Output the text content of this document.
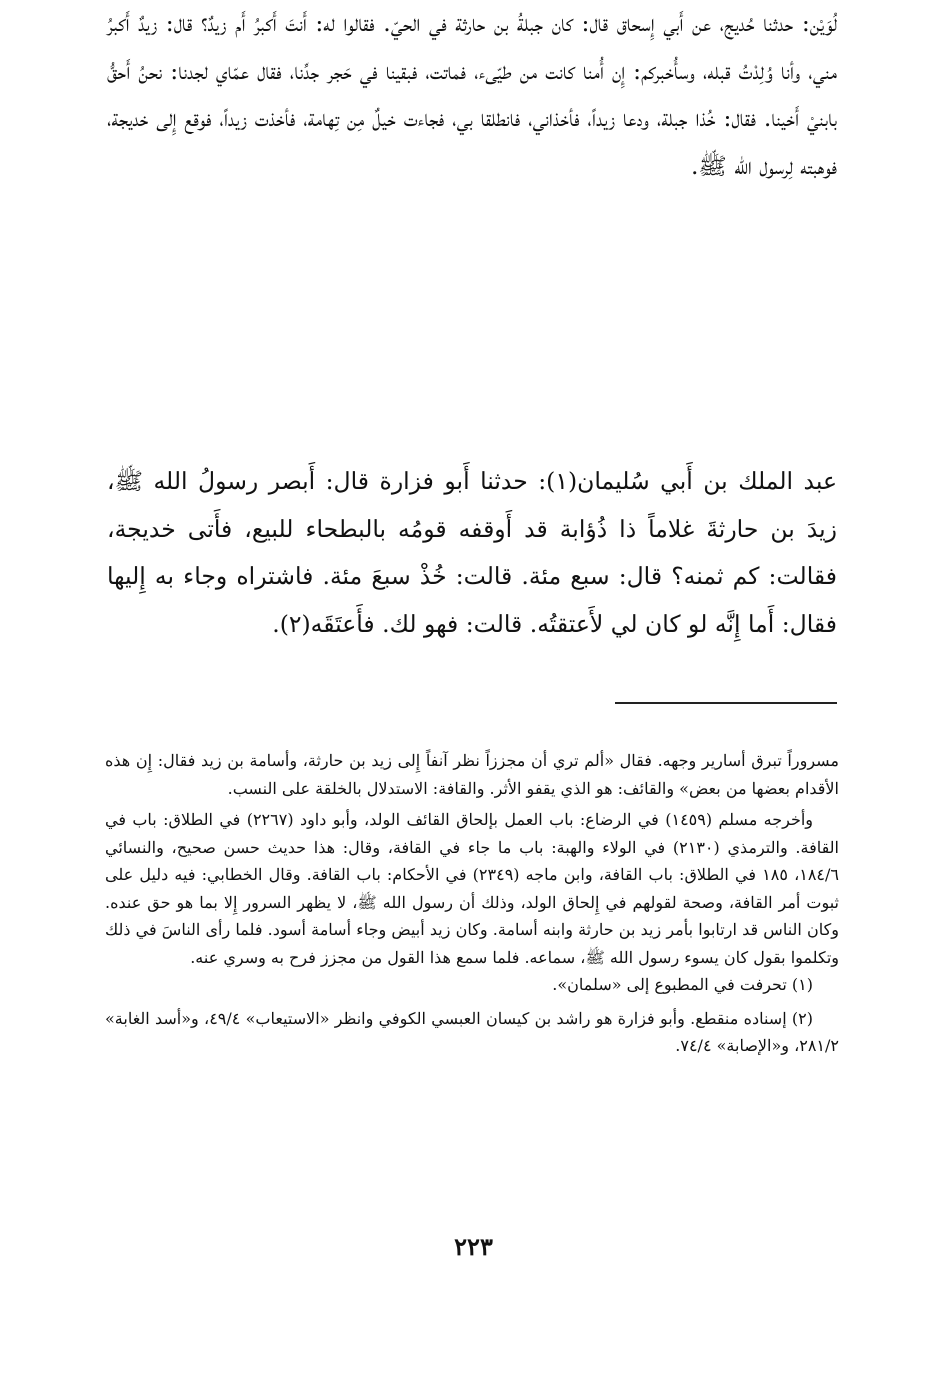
لُوَيْن: حدثنا حُديج، عن أَبي إِسحاق قال: كان جبلةُ بن حارثة في الحيّ. فقالوا له: أَنتَ أَكبرُ أَم زيدٌ؟ قال: زيدٌ أَكبرُ مني، وأنا وُلِدْتُ قبله، وسأُخبركم: إِن أُمنا كانت من طيّىء، فماتت، فبقينا في حَجر جدِّنا، فقال عمّاي لجدنا: نحنُ أَحقُّ بابنيْ أَخينا. فقال: خُذا جبلة، ودعا زيداً، فأخذاني، فانطلقا بي، فجاءت خيلٌ مِن تِهامة، فأخذت زيداً، فوقع إِلى خديجة، فوهبته لِرسول الله ﷺ.

عبد الملك بن أَبي سُليمان(١): حدثنا أَبو فزارة قال: أَبصر رسولُ الله ﷺ، زيدَ بن حارثةَ غلاماً ذا ذُؤابة قد أَوقفه قومُه بالبطحاء للبيع، فأَتى خديجة، فقالت: كم ثمنه؟ قال: سبع مئة. قالت: خُذْ سبعَ مئة. فاشتراه وجاء به إِليها فقال: أَما إِنَّه لو كان لي لأَعتقتُه. قالت: فهو لك. فأَعتَقَه(٢).

مسروراً تبرق أسارير وجهه. فقال «ألم تري أن مجززاً نظر آنفاً إِلى زيد بن حارثة، وأسامة بن زيد فقال: إِن هذه الأقدام بعضها من بعض» والقائف: هو الذي يقفو الأثر. والقافة: الاستدلال بالخلقة على النسب.

وأخرجه مسلم (١٤٥٩) في الرضاع: باب العمل بإلحاق القائف الولد، وأبو داود (٢٢٦٧) في الطلاق: باب في القافة. والترمذي (٢١٣٠) في الولاء والهبة: باب ما جاء في القافة، وقال: هذا حديث حسن صحيح، والنسائي ١٨٤/٦، ١٨٥ في الطلاق: باب القافة، وابن ماجه (٢٣٤٩) في الأحكام: باب القافة. وقال الخطابي: فيه دليل على ثبوت أمر القافة، وصحة لقولهم في إِلحاق الولد، وذلك أن رسول الله ﷺ، لا يظهر السرور إِلا بما هو حق عنده. وكان الناس قد ارتابوا بأمر زيد بن حارثة وابنه أسامة. وكان زيد أبيض وجاء أسامة أسود. فلما رأى الناسَ في ذلك وتكلموا بقول كان يسوء رسول الله ﷺ، سماعه. فلما سمع هذا القول من مجزز فرح به وسري عنه.

(١) تحرفت في المطبوع إلى «سلمان».

(٢) إسناده منقطع. وأبو فزارة هو راشد بن كيسان العبسي الكوفي وانظر «الاستيعاب» ٤٩/٤، و«أسد الغابة» ٢٨١/٢، و«الإصابة» ٧٤/٤.

٢٢٣
